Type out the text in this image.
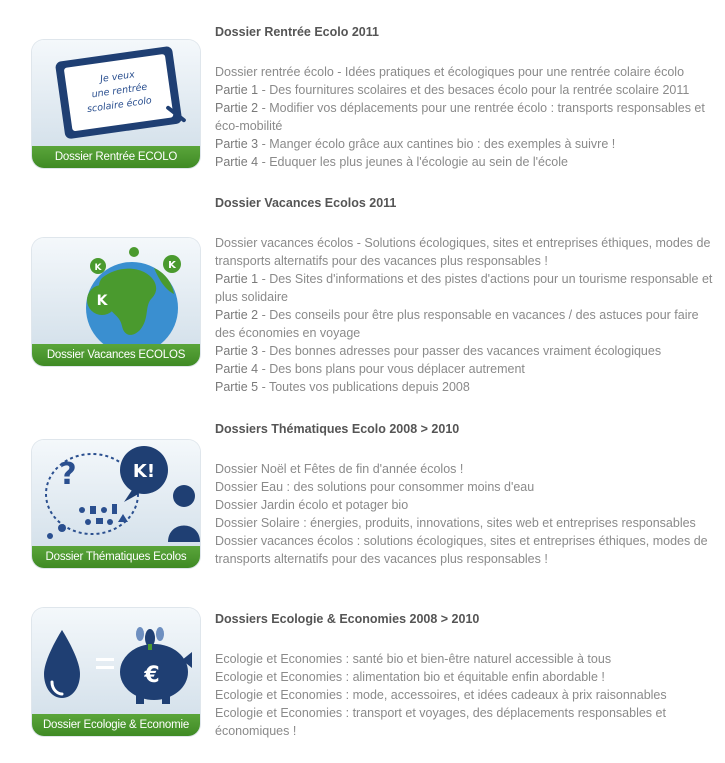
Je veux
une rentrée
scolaire écolo
Dossier Rentrée ECOLO
Dossier Rentrée Ecolo 2011
Dossier rentrée écolo - Idées pratiques et écologiques pour une rentrée colaire écolo
Partie 1 - Des fournitures scolaires et des besaces écolo pour la rentrée scolaire 2011
Partie 2 - Modifier vos déplacements pour une rentrée écolo : transports responsables et éco-mobilité
Partie 3 - Manger écolo grâce aux cantines bio : des exemples à suivre !
Partie 4 - Eduquer les plus jeunes à l'écologie au sein de l'école
K
K	K
Dossier Vacances ECOLOS
Dossier Vacances Ecolos 2011
Dossier vacances écolos - Solutions écologiques, sites et entreprises éthiques, modes de transports alternatifs pour des vacances plus responsables !
Partie 1 - Des Sites d'informations et des pistes d'actions pour un tourisme responsable et plus solidaire
Partie 2 - Des conseils pour être plus responsable en vacances / des astuces pour faire des économies en voyage
Partie 3 - Des bonnes adresses pour passer des vacances vraiment écologiques
Partie 4 - Des bons plans pour vous déplacer autrement
Partie 5 - Toutes vos publications depuis 2008
?	K!
Dossier Thématiques Ecolos
Dossiers Thématiques Ecolo 2008 > 2010
Dossier Noël et Fêtes de fin d'année écolos !
Dossier Eau : des solutions pour consommer moins d'eau
Dossier Jardin écolo et potager bio
Dossier Solaire : énergies, produits, innovations, sites web et entreprises responsables
Dossier vacances écolos : solutions écologiques, sites et entreprises éthiques, modes de transports alternatifs pour des vacances plus responsables !
€
Dossier Ecologie & Economie
Dossiers Ecologie & Economies 2008 > 2010
Ecologie et Economies : santé bio et bien-être naturel accessible à tous
Ecologie et Economies : alimentation bio et équitable enfin abordable !
Ecologie et Economies : mode, accessoires, et idées cadeaux à prix raisonnables
Ecologie et Economies : transport et voyages, des déplacements responsables et économiques !
